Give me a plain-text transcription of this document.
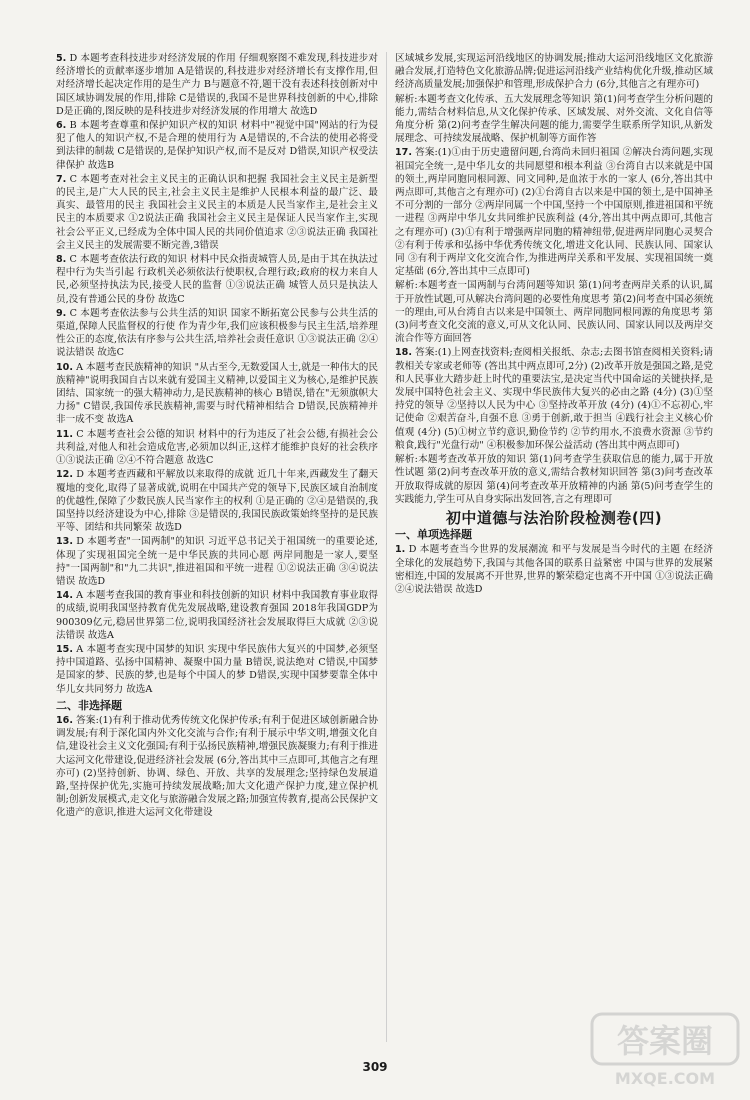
5. D 本题考查科技进步对经济发展的作用 仔细观察图不难发现,科技进步对经济增长的贡献率逐步增加 A是错误的,科技进步对经济增长有支撑作用,但对经济增长起决定作用的是生产力 B与题意不符,题干没有表述科技创新对中国区域协调发展的作用,排除 C是错误的,我国不是世界科技创新的中心,排除 D是正确的,图反映的是科技进步对经济发展的作用增大 故选D

6. B 本题考查尊重和保护知识产权的知识 材料中"视觉中国"网站的行为侵犯了他人的知识产权,不是合理的使用行为 A是错误的,不合法的使用必将受到法律的制裁 C是错误的,是保护知识产权,而不是反对 D错误,知识产权受法律保护 故选B

7. C 本题考查对社会主义民主的正确认识和把握 我国社会主义民主是新型的民主,是广大人民的民主,社会主义民主是维护人民根本利益的最广泛、最真实、最管用的民主 我国社会主义民主的本质是人民当家作主,是社会主义民主的本质要求 ①2说法正确 我国社会主义民主是保证人民当家作主,实现社会公平正义,已经成为全体中国人民的共同价值追求 ②③说法正确 我国社会主义民主的发展需要不断完善,3错误

8. C 本题考查依法行政的知识 材料中民众指责城管人员,是由于其在执法过程中行为失当引起 行政机关必须依法行使职权,合理行政;政府的权力来自人民,必须坚持执法为民,接受人民的监督 ①③说法正确 城管人员只是执法人员,没有普通公民的身份 故选C

9. C 本题考查依法参与公共生活的知识 国家不断拓宽公民参与公共生活的渠道,保障人民监督权的行使 作为青少年,我们应该积极参与民主生活,培养理性公正的态度,依法有序参与公共生活,培养社会责任意识 ①③说法正确 ②④说法错误 故选C

10. A 本题考查民族精神的知识 "从古至今,无数爱国人士,就是一种伟大的民族精神"说明我国自古以来就有爱国主义精神,以爱国主义为核心,是维护民族团结、国家统一的强大精神动力,是民族精神的核心 B错误,错在"无须旗帜大力扬" C错误,我国传承民族精神,需要与时代精神相结合 D错误,民族精神并非一成不变 故选A

11. C 本题考查社会公德的知识 材料中的行为违反了社会公德,有损社会公共利益,对他人和社会造成危害,必须加以纠正,这样才能维护良好的社会秩序 ①③说法正确 ②④不符合题意 故选C

12. D 本题考查西藏和平解放以来取得的成就 近几十年来,西藏发生了翻天覆地的变化,取得了显著成就,说明在中国共产党的领导下,民族区域自治制度的优越性,保障了少数民族人民当家作主的权利 ①是正确的 ②④是错误的,我国坚持以经济建设为中心,排除 ③是错误的,我国民族政策始终坚持的是民族平等、团结和共同繁荣 故选D

13. D 本题考查"一国两制"的知识 习近平总书记关于祖国统一的重要论述,体现了实现祖国完全统一是中华民族的共同心愿 两岸同胞是一家人,要坚持"一国两制"和"九二共识",推进祖国和平统一进程 ①②说法正确 ③④说法错误 故选D

14. A 本题考查我国的教育事业和科技创新的知识 材料中我国教育事业取得的成绩,说明我国坚持教育优先发展战略,建设教育强国 2018年我国GDP为900309亿元,稳居世界第二位,说明我国经济社会发展取得巨大成就 ②③说法错误 故选A

15. A 本题考查实现中国梦的知识 实现中华民族伟大复兴的中国梦,必须坚持中国道路、弘扬中国精神、凝聚中国力量 B错误,说法绝对 C错误,中国梦是国家的梦、民族的梦,也是每个中国人的梦 D错误,实现中国梦要靠全体中华儿女共同努力 故选A

二、非选择题

16. 答案:(1)有利于推动优秀传统文化保护传承;有利于促进区域创新融合协调发展;有利于深化国内外文化交流与合作;有利于展示中华文明,增强文化自信,建设社会主义文化强国;有利于弘扬民族精神,增强民族凝聚力;有利于推进大运河文化带建设,促进经济社会发展 (6分,答出其中三点即可,其他言之有理亦可) (2)坚持创新、协调、绿色、开放、共享的发展理念;坚持绿色发展道路,坚持保护优先,实施可持续发展战略;加大文化遗产保护力度,建立保护机制;创新发展模式,走文化与旅游融合发展之路;加强宣传教育,提高公民保护文化遗产的意识,推进大运河文化带建设

区域城乡发展,实现运河沿线地区的协调发展;推动大运河沿线地区文化旅游融合发展,打造特色文化旅游品牌;促进运河沿线产业结构优化升级,推动区域经济高质量发展;加强保护和管理,形成保护合力 (6分,其他言之有理亦可)

解析:本题考查文化传承、五大发展理念等知识 第(1)问考查学生分析问题的能力,需结合材料信息,从文化保护传承、区域发展、对外交流、文化自信等角度分析 第(2)问考查学生解决问题的能力,需要学生联系所学知识,从新发展理念、可持续发展战略、保护机制等方面作答

17. 答案:(1)①由于历史遗留问题,台湾尚未回归祖国 ②解决台湾问题,实现祖国完全统一,是中华儿女的共同愿望和根本利益 ③台湾自古以来就是中国的领土,两岸同胞同根同源、同文同种,是血浓于水的一家人 (6分,答出其中两点即可,其他言之有理亦可) (2)①台湾自古以来是中国的领土,是中国神圣不可分割的一部分 ②两岸同属一个中国,坚持一个中国原则,推进祖国和平统一进程 ③两岸中华儿女共同维护民族利益 (4分,答出其中两点即可,其他言之有理亦可) (3)①有利于增强两岸同胞的精神纽带,促进两岸同胞心灵契合 ②有利于传承和弘扬中华优秀传统文化,增进文化认同、民族认同、国家认同 ③有利于两岸文化交流合作,为推进两岸关系和平发展、实现祖国统一奠定基础 (6分,答出其中三点即可)

解析:本题考查一国两制与台湾问题等知识 第(1)问考查两岸关系的认识,属于开放性试题,可从解决台湾问题的必要性角度思考 第(2)问考查中国必须统一的理由,可从台湾自古以来是中国领土、两岸同胞同根同源的角度思考 第(3)问考查文化交流的意义,可从文化认同、民族认同、国家认同以及两岸交流合作等方面回答

18. 答案:(1)上网查找资料;查阅相关报纸、杂志;去图书馆查阅相关资料;请教相关专家或老师等 (答出其中两点即可,2分) (2)改革开放是强国之路,是党和人民事业大踏步赶上时代的重要法宝,是决定当代中国命运的关键抉择,是发展中国特色社会主义、实现中华民族伟大复兴的必由之路 (4分) (3)①坚持党的领导 ②坚持以人民为中心 ③坚持改革开放 (4分) (4)①不忘初心,牢记使命 ②艰苦奋斗,自强不息 ③勇于创新,敢于担当 ④践行社会主义核心价值观 (4分) (5)①树立节约意识,勤俭节约 ②节约用水,不浪费水资源 ③节约粮食,践行"光盘行动" ④积极参加环保公益活动 (答出其中两点即可)

解析:本题考查改革开放的知识 第(1)问考查学生获取信息的能力,属于开放性试题 第(2)问考查改革开放的意义,需结合教材知识回答 第(3)问考查改革开放取得成就的原因 第(4)问考查改革开放精神的内涵 第(5)问考查学生的实践能力,学生可从自身实际出发回答,言之有理即可

初中道德与法治阶段检测卷(四)
一、单项选择题

1. D 本题考查当今世界的发展潮流 和平与发展是当今时代的主题 在经济全球化的发展趋势下,我国与其他各国的联系日益紧密 中国与世界的发展紧密相连,中国的发展离不开世界,世界的繁荣稳定也离不开中国 ①③说法正确 ②④说法错误 故选D

309
答案圈
MXQE.COM
